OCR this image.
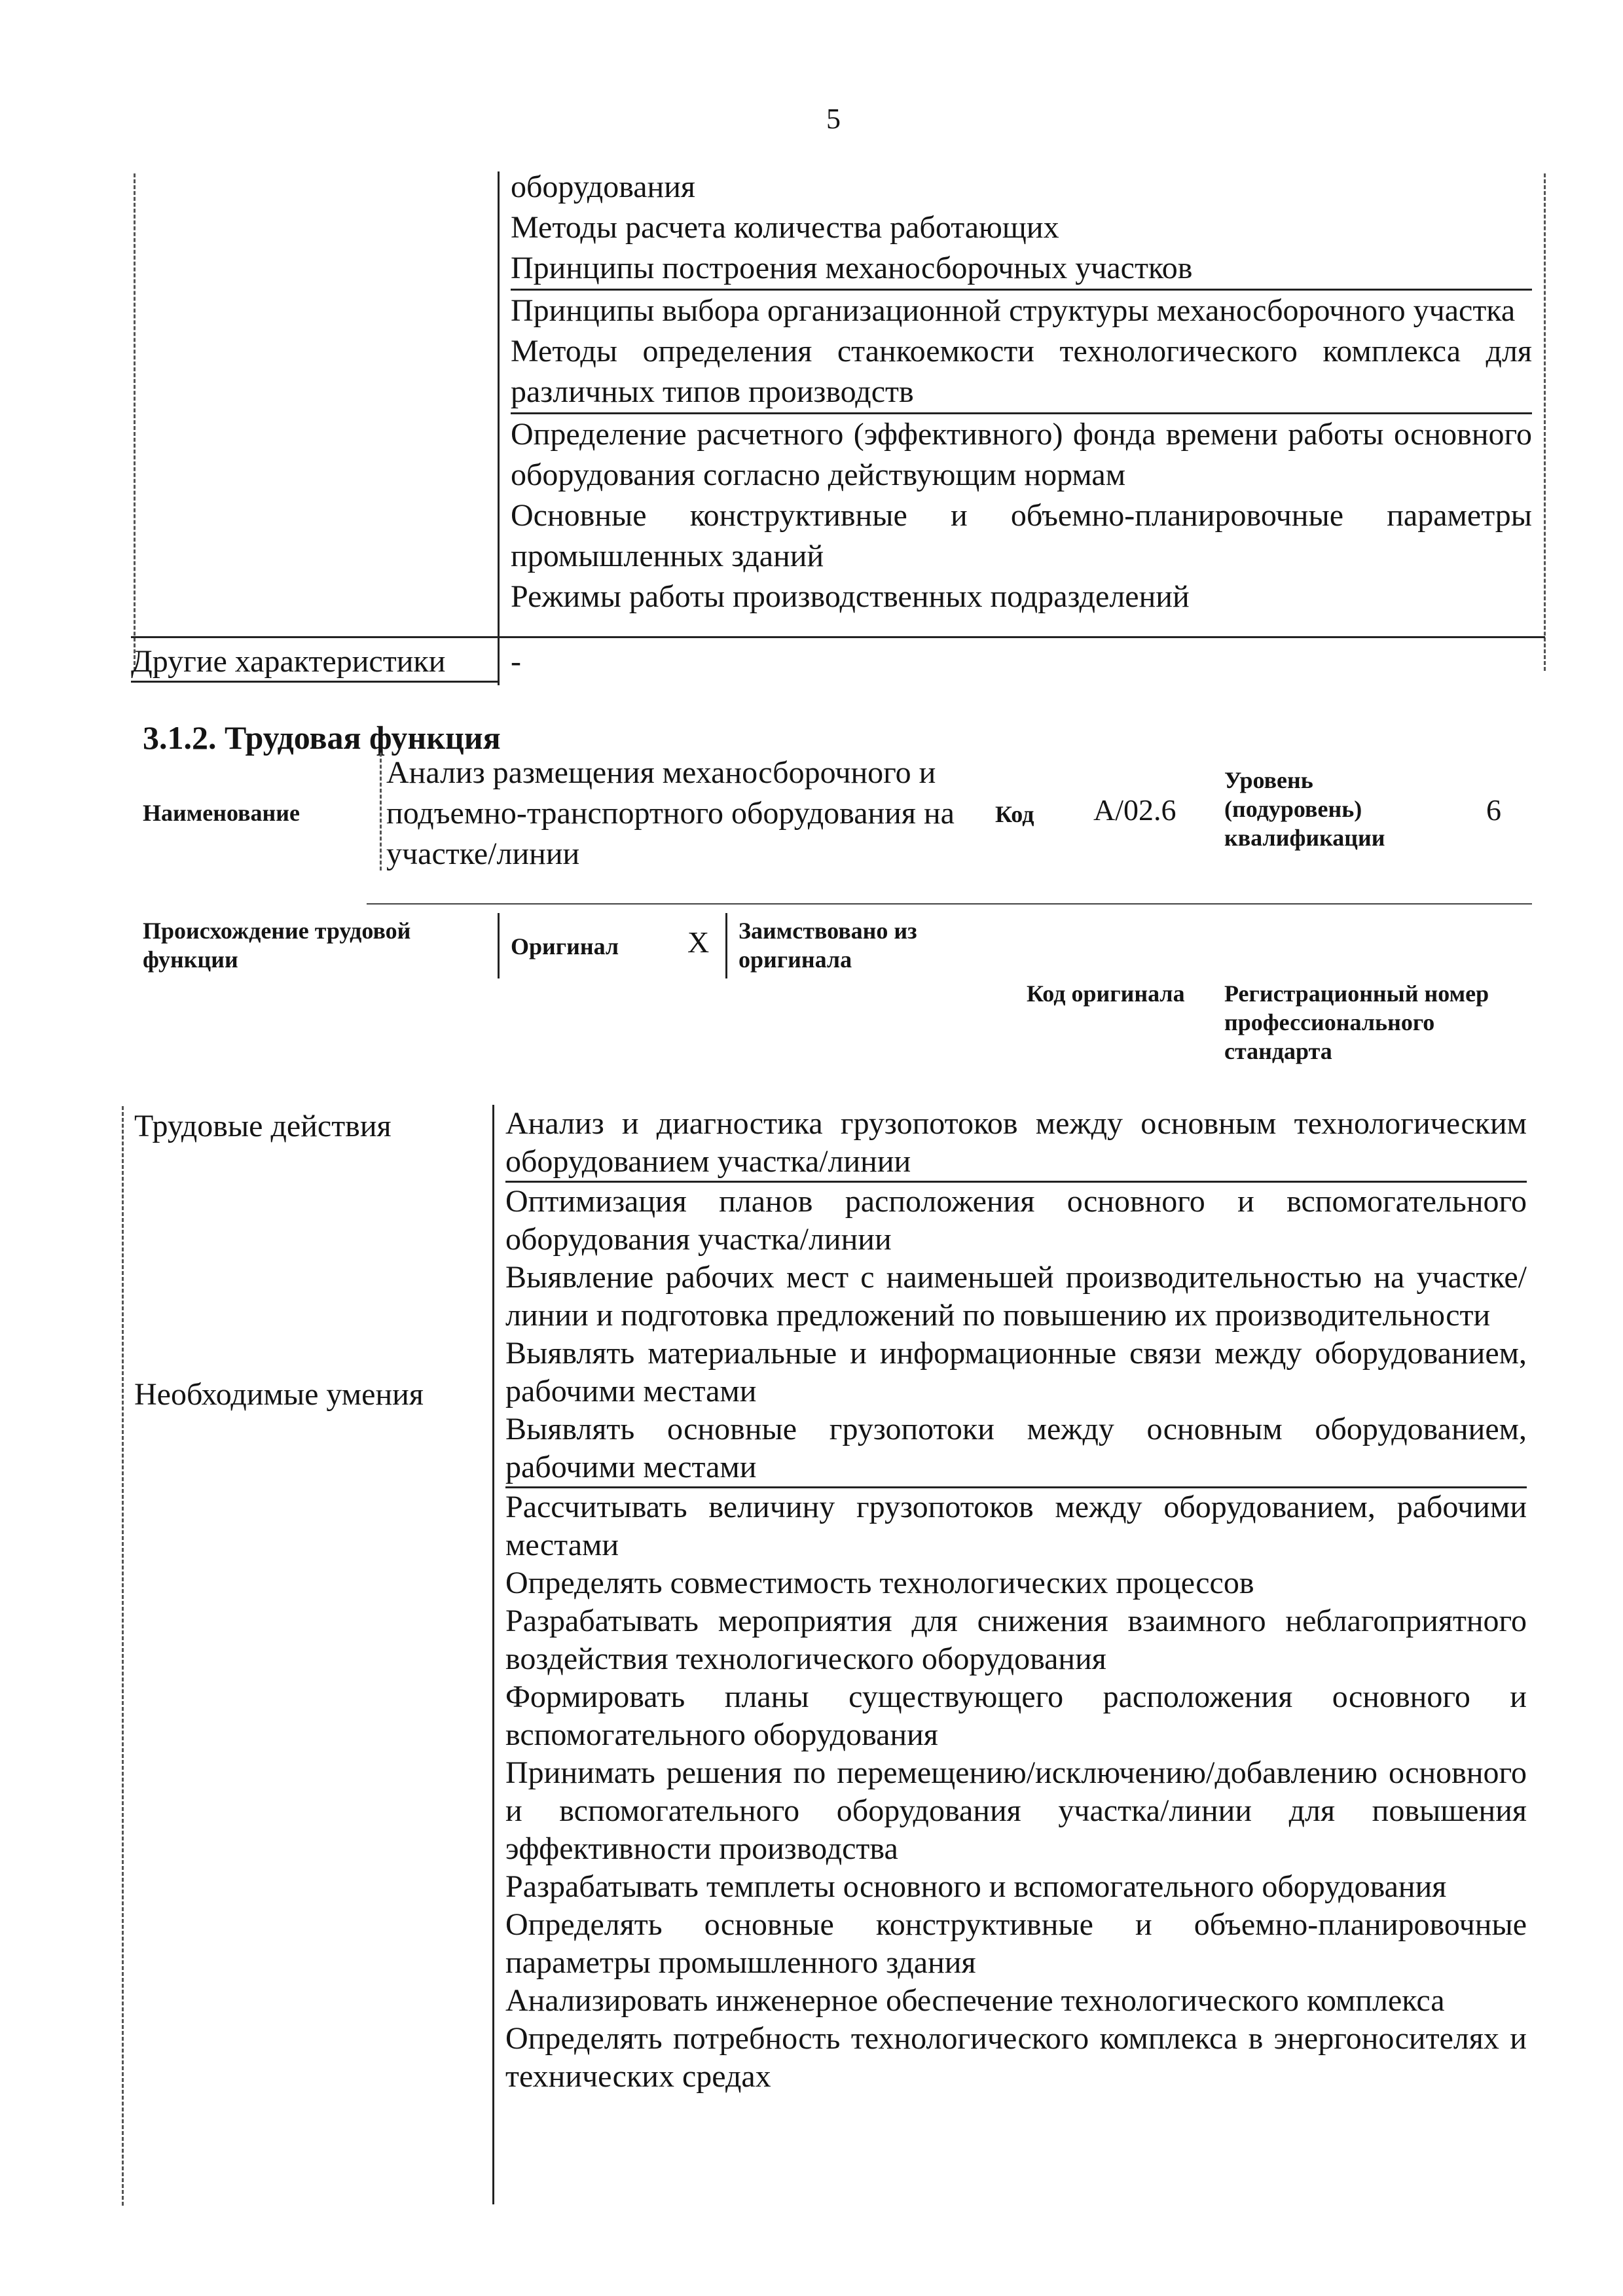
5
оборудования
Методы расчета количества работающих
Принципы построения механосборочных участков
Принципы выбора организационной структуры механосборочного участка
Методы определения станкоемкости технологического комплекса для различных типов производств
Определение расчетного (эффективного) фонда времени работы основного оборудования согласно действующим нормам
Основные конструктивные и объемно-планировочные параметры промышленных зданий
Режимы работы производственных подразделений
Другие характеристики	-
3.1.2. Трудовая функция
Наименование
Анализ размещения механосборочного и подъемно-транспортного оборудования на участке/линии
Код А/02.6
Уровень (подуровень) квалификации
6
Происхождение трудовой функции	Оригинал X Заимствовано из оригинала
Код оригинала Регистрационный номер профессионального стандарта
Трудовые действия
Необходимые умения
Анализ и диагностика грузопотоков между основным технологическим оборудованием участка/линии
Оптимизация планов расположения основного и вспомогательного оборудования участка/линии
Выявление рабочих мест с наименьшей производительностью на участке/линии и подготовка предложений по повышению их производительности
Выявлять материальные и информационные связи между оборудованием, рабочими местами
Выявлять основные грузопотоки между основным оборудованием, рабочими местами
Рассчитывать величину грузопотоков между оборудованием, рабочими местами
Определять совместимость технологических процессов
Разрабатывать мероприятия для снижения взаимного неблагоприятного воздействия технологического оборудования
Формировать планы существующего расположения основного и вспомогательного оборудования
Принимать решения по перемещению/исключению/добавлению основного и вспомогательного оборудования участка/линии для повышения эффективности производства
Разрабатывать темплеты основного и вспомогательного оборудования
Определять основные конструктивные и объемно-планировочные параметры промышленного здания
Анализировать инженерное обеспечение технологического комплекса
Определять потребность технологического комплекса в энергоносителях и технических средах
